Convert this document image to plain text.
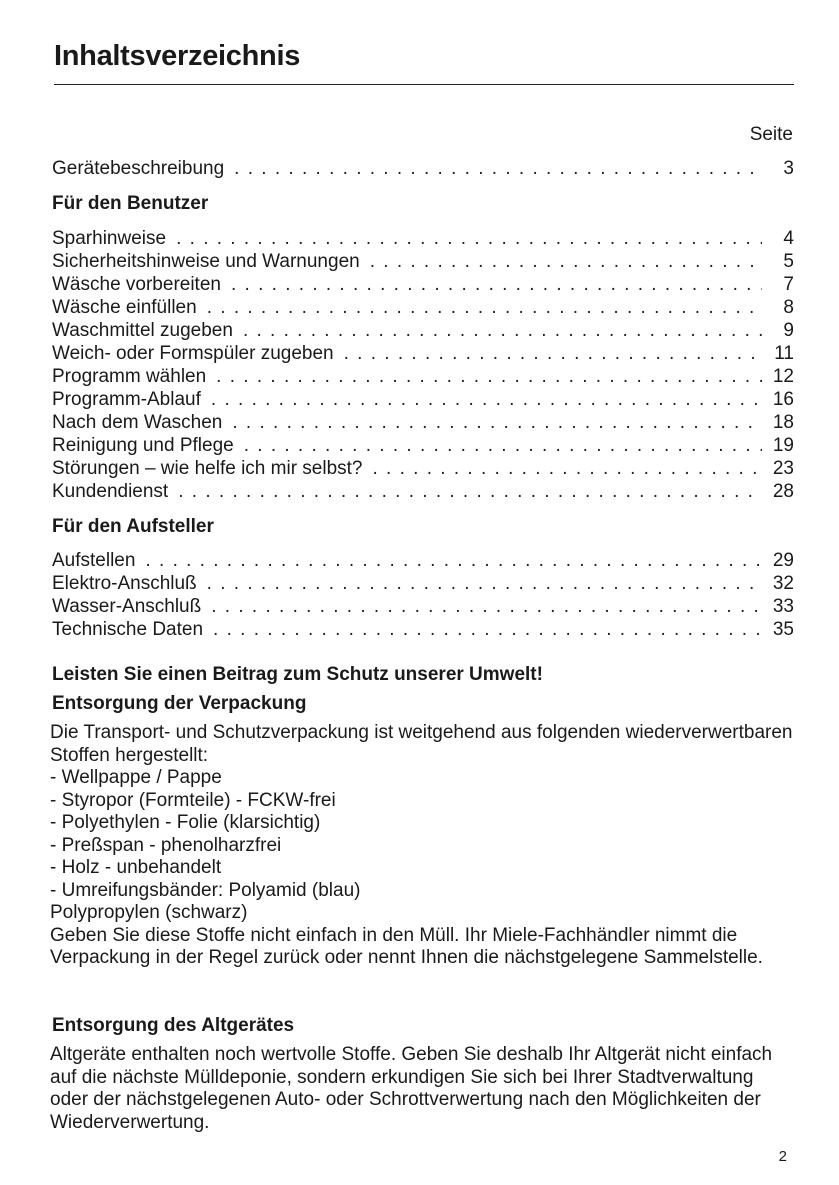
Inhaltsverzeichnis
Seite
Gerätebeschreibung . . .	3
Für den Benutzer
Sparhinweise . . .	4
Sicherheitshinweise und Warnungen . . .	5
Wäsche vorbereiten . . .	7
Wäsche einfüllen . . .	8
Waschmittel zugeben . . .	9
Weich- oder Formspüler zugeben . . .	11
Programm wählen . . .	12
Programm-Ablauf . . .	16
Nach dem Waschen . . .	18
Reinigung und Pflege . . .	19
Störungen – wie helfe ich mir selbst? . . .	23
Kundendienst . . .	28
Für den Aufsteller
Aufstellen . . .	29
Elektro-Anschluß . . .	32
Wasser-Anschluß . . .	33
Technische Daten . . .	35
Leisten Sie einen Beitrag zum Schutz unserer Umwelt!
Entsorgung der Verpackung

Die Transport- und Schutzverpackung ist weitgehend aus folgenden wiederverwertbaren Stoffen hergestellt:

- Wellpappe / Pappe
- Styropor (Formteile) - FCKW-frei
- Polyethylen - Folie (klarsichtig)
- Preßspan - phenolharzfrei
- Holz - unbehandelt
- Umreifungsbänder: Polyamid (blau)
Polypropylen (schwarz)

Geben Sie diese Stoffe nicht einfach in den Müll. Ihr Miele-Fachhändler nimmt die Verpackung in der Regel zurück oder nennt Ihnen die nächstgelegene Sammelstelle.

Entsorgung des Altgerätes

Altgeräte enthalten noch wertvolle Stoffe. Geben Sie deshalb Ihr Altgerät nicht einfach auf die nächste Mülldeponie, sondern erkundigen Sie sich bei Ihrer Stadtverwaltung oder der nächstgelegenen Auto- oder Schrottverwertung nach den Möglichkeiten der Wiederverwertung.

2
